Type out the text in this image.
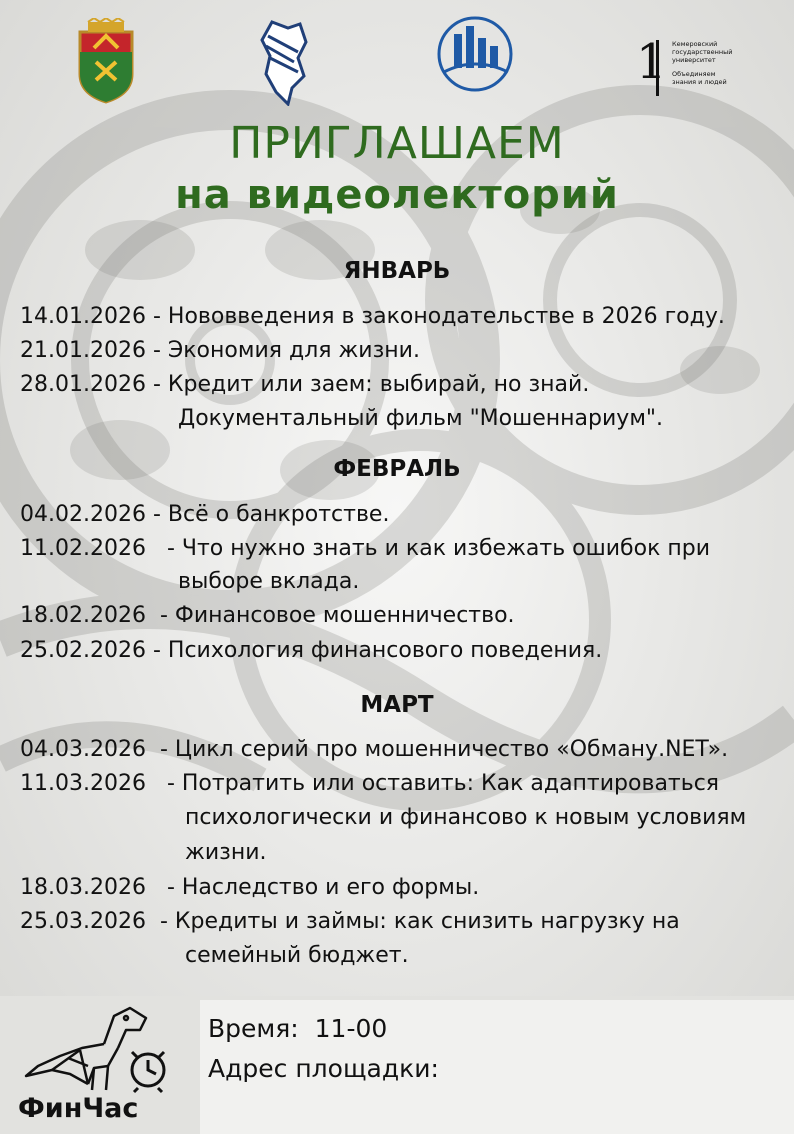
1 Кемеровский государственный университет
Объединяем знания и людей
ПРИГЛАШАЕМ
на видеолекторий
ЯНВАРЬ
14.01.2026 - Нововведения в законодательстве в 2026 году.
21.01.2026 - Экономия для жизни.
28.01.2026 - Кредит или заем: выбирай, но знай.
Документальный фильм "Мошеннариум".
ФЕВРАЛЬ
04.02.2026 - Всё о банкротстве.
11.02.2026   - Что нужно знать и как избежать ошибок при
выборе вклада.
18.02.2026  - Финансовое мошенничество.
25.02.2026 - Психология финансового поведения.
МАРТ
04.03.2026  - Цикл серий про мошенничество «Обману.NET».
11.03.2026   - Потратить или оставить: Как адаптироваться
психологически и финансово к новым условиям
жизни.
18.03.2026   - Наследство и его формы.
25.03.2026  - Кредиты и займы: как снизить нагрузку на
семейный бюджет.
Время: 11-00
Адрес площадки:
ФинЧас
